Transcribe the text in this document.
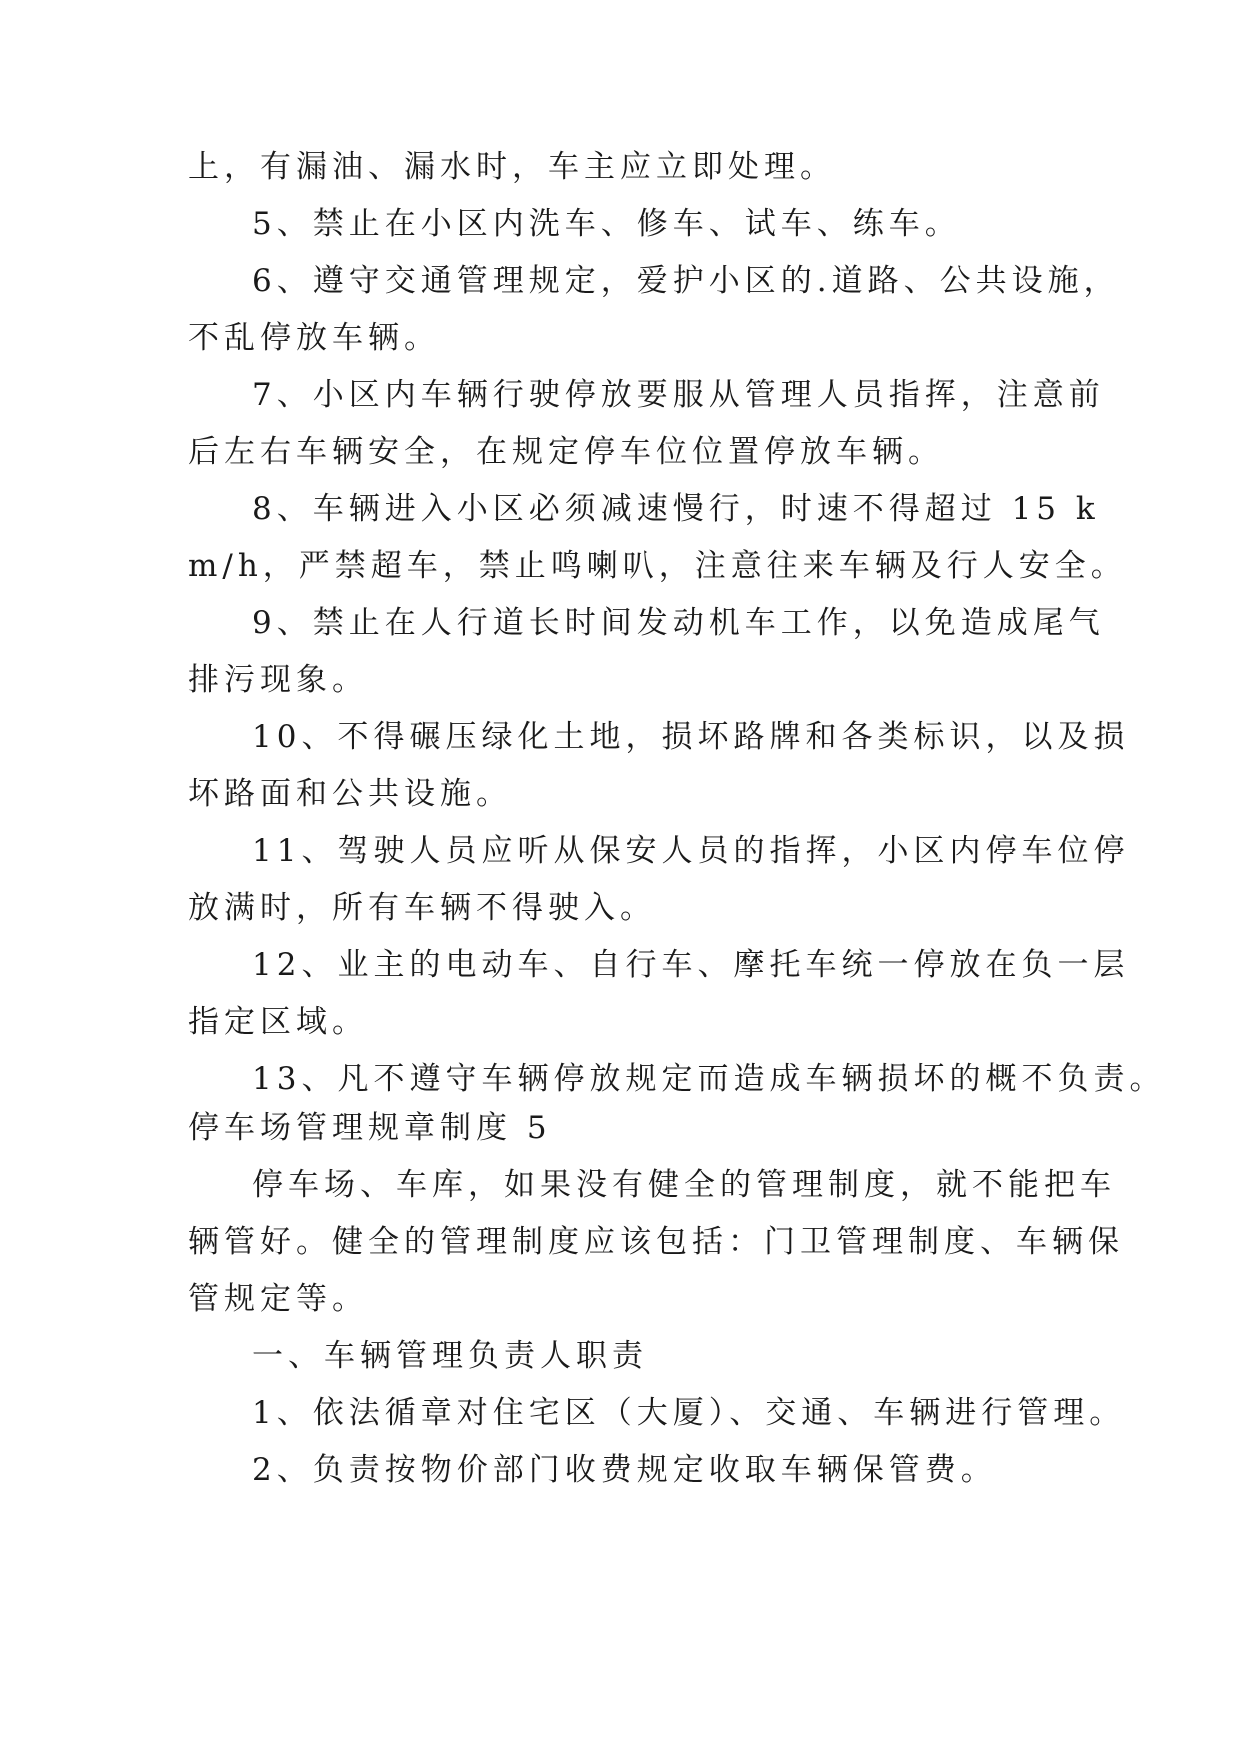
上，有漏油、漏水时，车主应立即处理。
5、禁止在小区内洗车、修车、试车、练车。
6、遵守交通管理规定，爱护小区的.道路、公共设施，
不乱停放车辆。
7、小区内车辆行驶停放要服从管理人员指挥，注意前
后左右车辆安全，在规定停车位位置停放车辆。
8、车辆进入小区必须减速慢行，时速不得超过 15 k
m/h，严禁超车，禁止鸣喇叭，注意往来车辆及行人安全。
9、禁止在人行道长时间发动机车工作，以免造成尾气
排污现象。
10、不得碾压绿化土地，损坏路牌和各类标识，以及损
坏路面和公共设施。
11、驾驶人员应听从保安人员的指挥，小区内停车位停
放满时，所有车辆不得驶入。
12、业主的电动车、自行车、摩托车统一停放在负一层
指定区域。
13、凡不遵守车辆停放规定而造成车辆损坏的概不负责。
停车场管理规章制度 5
停车场、车库，如果没有健全的管理制度，就不能把车
辆管好。健全的管理制度应该包括：门卫管理制度、车辆保
管规定等。
一、车辆管理负责人职责
1、依法循章对住宅区（大厦）、交通、车辆进行管理。
2、负责按物价部门收费规定收取车辆保管费。
